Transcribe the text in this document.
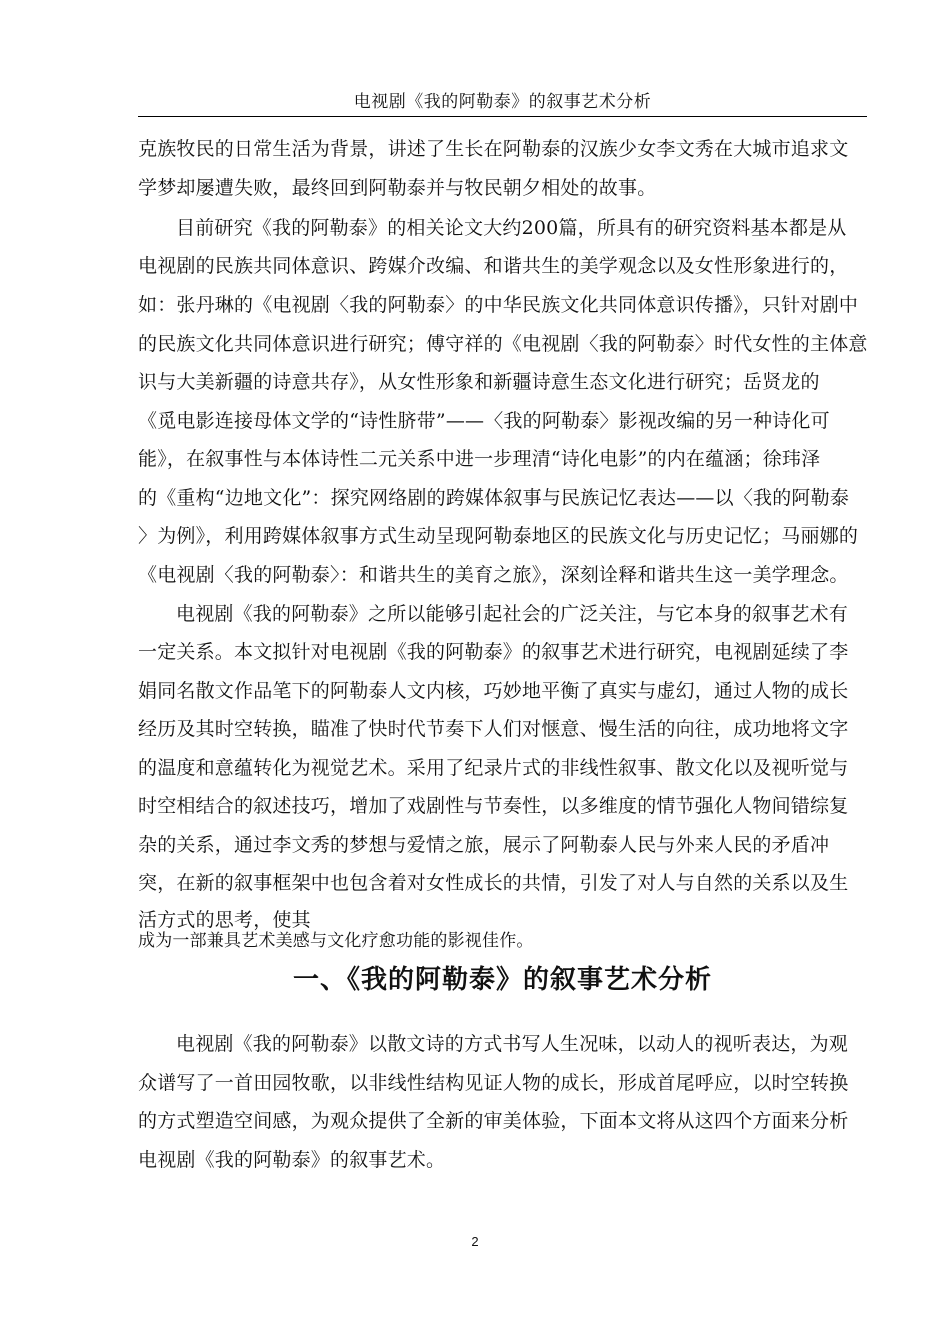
电视剧《我的阿勒泰》的叙事艺术分析
克族牧民的日常生活为背景，讲述了生长在阿勒泰的汉族少女李文秀在大城市追求文
学梦却屡遭失败，最终回到阿勒泰并与牧民朝夕相处的故事。
目前研究《我的阿勒泰》的相关论文大约200篇，所具有的研究资料基本都是从
电视剧的民族共同体意识、跨媒介改编、和谐共生的美学观念以及女性形象进行的，
如：张丹琳的《电视剧〈我的阿勒泰〉的中华民族文化共同体意识传播》，只针对剧中
的民族文化共同体意识进行研究；傅守祥的《电视剧〈我的阿勒泰〉时代女性的主体意
识与大美新疆的诗意共存》，从女性形象和新疆诗意生态文化进行研究；岳贤龙的
《觅电影连接母体文学的“诗性脐带”——〈我的阿勒泰〉影视改编的另一种诗化可
能》，在叙事性与本体诗性二元关系中进一步理清“诗化电影”的内在蕴涵；徐玮泽
的《重构“边地文化”：探究网络剧的跨媒体叙事与民族记忆表达——以〈我的阿勒泰
〉为例》，利用跨媒体叙事方式生动呈现阿勒泰地区的民族文化与历史记忆；马丽娜的
《电视剧〈我的阿勒泰〉：和谐共生的美育之旅》，深刻诠释和谐共生这一美学理念。
电视剧《我的阿勒泰》之所以能够引起社会的广泛关注，与它本身的叙事艺术有
一定关系。本文拟针对电视剧《我的阿勒泰》的叙事艺术进行研究，电视剧延续了李
娟同名散文作品笔下的阿勒泰人文内核，巧妙地平衡了真实与虚幻，通过人物的成长
经历及其时空转换，瞄准了快时代节奏下人们对惬意、慢生活的向往，成功地将文字
的温度和意蕴转化为视觉艺术。采用了纪录片式的非线性叙事、散文化以及视听觉与
时空相结合的叙述技巧，增加了戏剧性与节奏性，以多维度的情节强化人物间错综复
杂的关系，通过李文秀的梦想与爱情之旅，展示了阿勒泰人民与外来人民的矛盾冲
突，在新的叙事框架中也包含着对女性成长的共情，引发了对人与自然的关系以及生
活方式的思考，使其
成为一部兼具艺术美感与文化疗愈功能的影视佳作。
一、《我的阿勒泰》的叙事艺术分析
电视剧《我的阿勒泰》以散文诗的方式书写人生况味，以动人的视听表达，为观
众谱写了一首田园牧歌，以非线性结构见证人物的成长，形成首尾呼应，以时空转换
的方式塑造空间感，为观众提供了全新的审美体验，下面本文将从这四个方面来分析
电视剧《我的阿勒泰》的叙事艺术。
2
